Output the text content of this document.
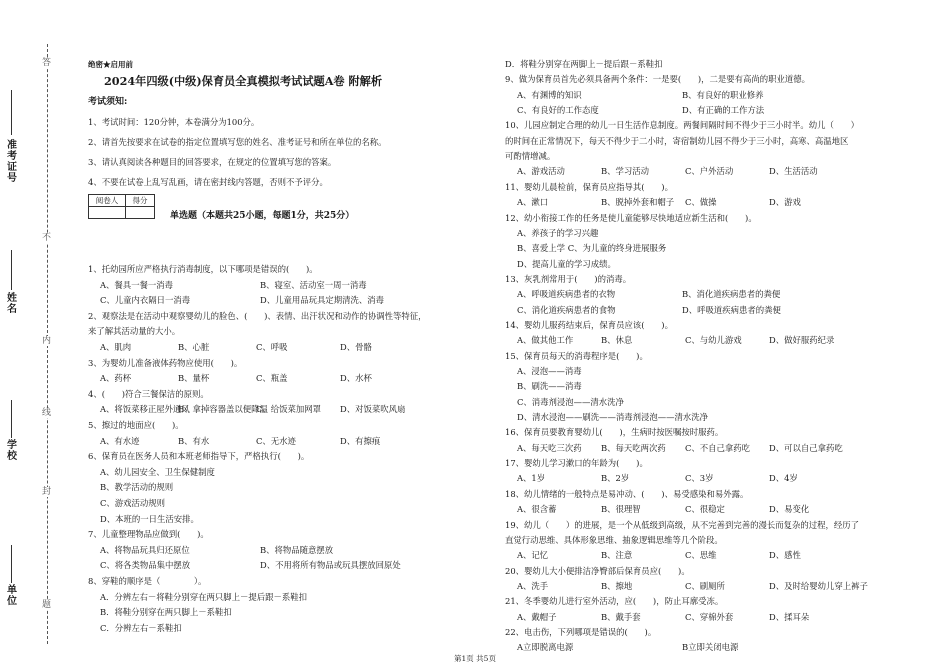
答
不
内
线
封
题
准考证号
姓名
学校
单位
绝密★启用前
2024年四级(中级)保育员全真模拟考试试题A卷 附解析
考试须知:
1、考试时间：120分钟，本卷满分为100分。
2、请首先按要求在试卷的指定位置填写您的姓名、准考证号和所在单位的名称。
3、请认真阅读各种题目的回答要求，在规定的位置填写您的答案。
4、不要在试卷上乱写乱画，请在密封线内答题，否则不予评分。
阅卷人	得分

单选题（本题共25小题，每题1分，共25分）
1、托幼园所应严格执行消毒制度，以下哪项是错误的(　　)。
A、餐具一餐一消毒	B、寝室、活动室一周一消毒
C、儿童内衣隔日一消毒	D、儿童用品玩具定期清洗、消毒
2、观察法是在活动中观察婴幼儿的脸色、(　　)、表情、出汗状况和动作的协调性等特征，
来了解其活动量的大小。
A、肌肉	B、心脏	C、呼吸	D、骨骼
3、为婴幼儿准备液体药物应使用(　　)。
A、药杯	B、量杯	C、瓶盖	D、水杯
4、(　　)符合三餐保洁的原则。
A、将饭菜移正屋外通风
B、拿掉容器盖以便降温
C、给饭菜加网罩 D、对饭菜吹风扇
5、擦过的地面应(　　)。
A、有水迹	B、有水	C、无水迹	D、有擦痕
6、保育员在医务人员和本班老师指导下，严格执行(　　)。
A、幼儿园安全、卫生保健制度
B、教学活动的规则
C、游戏活动规则
D、本班的一日生活安排。
7、儿童整理物品应做到(　　)。
A、将物品玩具归还原位	B、将物品随意摆放
C、将各类物品集中摆放	D、不用将所有物品或玩具摆放回原处
8、穿鞋的顺序是（　　　　）。
A．分辨左右－将鞋分别穿在两只脚上－提后跟－系鞋扣
B．将鞋分别穿在两只脚上－系鞋扣
C．分辨左右－系鞋扣
D．将鞋分别穿在两脚上－提后跟－系鞋扣
9、做为保育员首先必须具备两个条件：一是要(　　)，二是要有高尚的职业道德。
A、有渊博的知识	B、有良好的职业修养
C、有良好的工作态度	D、有正确的工作方法
10、儿园应制定合理的幼儿一日生活作息制度。两餐间隔时间不得少于三小时半。幼儿（　　）
的时间在正常情况下，每天不得少于二小时，寄宿制幼儿园不得少于三小时，高寒、高温地区
可酌情增减。
A、游戏活动	B、学习活动	C、户外活动	D、生活活动
11、婴幼儿晨检前，保育员应指导其(　　)。
A、漱口	B、脱掉外套和帽子 C、做操	D、游戏
12、幼小衔接工作的任务是使儿童能够尽快地适应新生活和(　　)。
A、养孩子的学习兴趣
B、喜爱上学 C、为儿童的终身进展服务
D、提高儿童的学习成绩。
13、灰乳剂常用于(　　)的消毒。
A、呼吸道疾病患者的衣物	B、消化道疾病患者的粪便
C、消化道疾病患者的食物	D、呼吸道疾病患者的粪便
14、婴幼儿服药结束后，保育员应该(　　)。
A、做其他工作	B、休息	C、与幼儿游戏	D、做好服药纪录
15、保育员每天的消毒程序是(　　)。
A、浸泡——消毒
B、刷洗——消毒
C、消毒剂浸泡——清水洗净
D、清水浸泡——刷洗——消毒剂浸泡——清水洗净
16、保育员要教育婴幼儿(　　)，生病时按医嘱按时服药。
A、每天吃三次药 B、每天吃两次药 C、不自己拿药吃 D、可以自己拿药吃
17、婴幼儿学习漱口的年龄为(　　)。
A、1岁	B、2岁	C、3岁	D、4岁
18、幼儿情绪的一般特点是易冲动、(　　)、易受感染和易外露。
A、很含蓄	B、很理智	C、很稳定	D、易变化
19、幼儿（　　）的进展，是一个从低级到高级，从不完善到完善的漫长而复杂的过程，经历了
直觉行动思维、具体形象思维、抽象逻辑思维等几个阶段。
A、记忆	B、注意	C、思维	D、感性
20、婴幼儿大小便排洁净臀部后保育员应(　　)。
A、洗手	B、擦地	C、刷厕所	D、及时给婴幼儿穿上裤子
21、冬季婴幼儿进行室外活动，应(　　)，防止耳廓受冻。
A、戴帽子	B、戴手套	C、穿棉外套	D、揉耳朵
22、电击伤，下列哪项是错误的(　　)。
A立即脱离电源	B立即关闭电源
第1页 共5页
